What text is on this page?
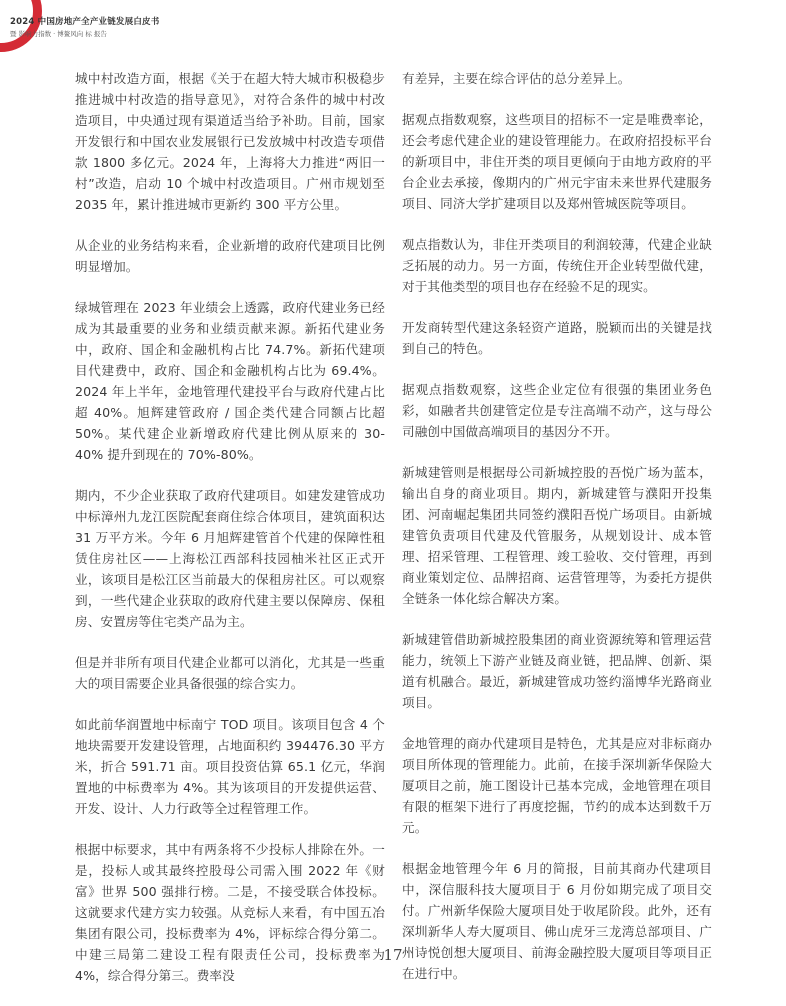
2024 中国房地产全产业链发展白皮书
暨 影响力指数 · 博鳌风向 标 报告

城中村改造方面，根据《关于在超大特大城市积极稳步推进城中村改造的指导意见》，对符合条件的城中村改造项目，中央通过现有渠道适当给予补助。目前，国家开发银行和中国农业发展银行已发放城中村改造专项借款 1800 多亿元。2024 年，上海将大力推进“两旧一村”改造，启动 10 个城中村改造项目。广州市规划至 2035 年，累计推进城市更新约 300 平方公里。

从企业的业务结构来看，企业新增的政府代建项目比例明显增加。

绿城管理在 2023 年业绩会上透露，政府代建业务已经成为其最重要的业务和业绩贡献来源。新拓代建业务中，政府、国企和金融机构占比 74.7%。新拓代建项目代建费中，政府、国企和金融机构占比为 69.4%。2024 年上半年，金地管理代建投平台与政府代建占比超 40%。旭辉建管政府 / 国企类代建合同额占比超 50%。某代建企业新增政府代建比例从原来的 30-40% 提升到现在的 70%-80%。

期内，不少企业获取了政府代建项目。如建发建管成功中标漳州九龙江医院配套商住综合体项目，建筑面积达 31 万平方米。今年 6 月旭辉建管首个代建的保障性租赁住房社区——上海松江西部科技园柚米社区正式开业，该项目是松江区当前最大的保租房社区。可以观察到，一些代建企业获取的政府代建主要以保障房、保租房、安置房等住宅类产品为主。

但是并非所有项目代建企业都可以消化，尤其是一些重大的项目需要企业具备很强的综合实力。

如此前华润置地中标南宁 TOD 项目。该项目包含 4 个地块需要开发建设管理，占地面积约 394476.30 平方米，折合 591.71 亩。项目投资估算 65.1 亿元，华润置地的中标费率为 4%。其为该项目的开发提供运营、开发、设计、人力行政等全过程管理工作。

根据中标要求，其中有两条将不少投标人排除在外。一是，投标人或其最终控股母公司需入围 2022 年《财富》世界 500 强排行榜。二是，不接受联合体投标。这就要求代建方实力较强。从竞标人来看，有中国五冶集团有限公司，投标费率为 4%，评标综合得分第二。中建三局第二建设工程有限责任公司，投标费率为 4%，综合得分第三。费率没

有差异，主要在综合评估的总分差异上。

据观点指数观察，这些项目的招标不一定是唯费率论，还会考虑代建企业的建设管理能力。在政府招投标平台的新项目中，非住开类的项目更倾向于由地方政府的平台企业去承接，像期内的广州元宇宙未来世界代建服务项目、同济大学扩建项目以及郑州管城医院等项目。

观点指数认为，非住开类项目的利润较薄，代建企业缺乏拓展的动力。另一方面，传统住开企业转型做代建，对于其他类型的项目也存在经验不足的现实。

开发商转型代建这条轻资产道路，脱颖而出的关键是找到自己的特色。

据观点指数观察，这些企业定位有很强的集团业务色彩，如融者共创建管定位是专注高端不动产，这与母公司融创中国做高端项目的基因分不开。

新城建管则是根据母公司新城控股的吾悦广场为蓝本，输出自身的商业项目。期内，新城建管与濮阳开投集团、河南崛起集团共同签约濮阳吾悦广场项目。由新城建管负责项目代建及代管服务，从规划设计、成本管理、招采管理、工程管理、竣工验收、交付管理，再到商业策划定位、品牌招商、运营管理等，为委托方提供全链条一体化综合解决方案。

新城建管借助新城控股集团的商业资源统筹和管理运营能力，统领上下游产业链及商业链，把品牌、创新、渠道有机融合。最近，新城建管成功签约淄博华光路商业项目。

金地管理的商办代建项目是特色，尤其是应对非标商办项目所体现的管理能力。此前，在接手深圳新华保险大厦项目之前，施工图设计已基本完成，金地管理在项目有限的框架下进行了再度挖掘，节约的成本达到数千万元。

根据金地管理今年 6 月的简报，目前其商办代建项目中，深信服科技大厦项目于 6 月份如期完成了项目交付。广州新华保险大厦项目处于收尾阶段。此外，还有深圳新华人寿大厦项目、佛山虎牙三龙湾总部项目、广州诗悦创想大厦项目、前海金融控股大厦项目等项目正在进行中。

17
